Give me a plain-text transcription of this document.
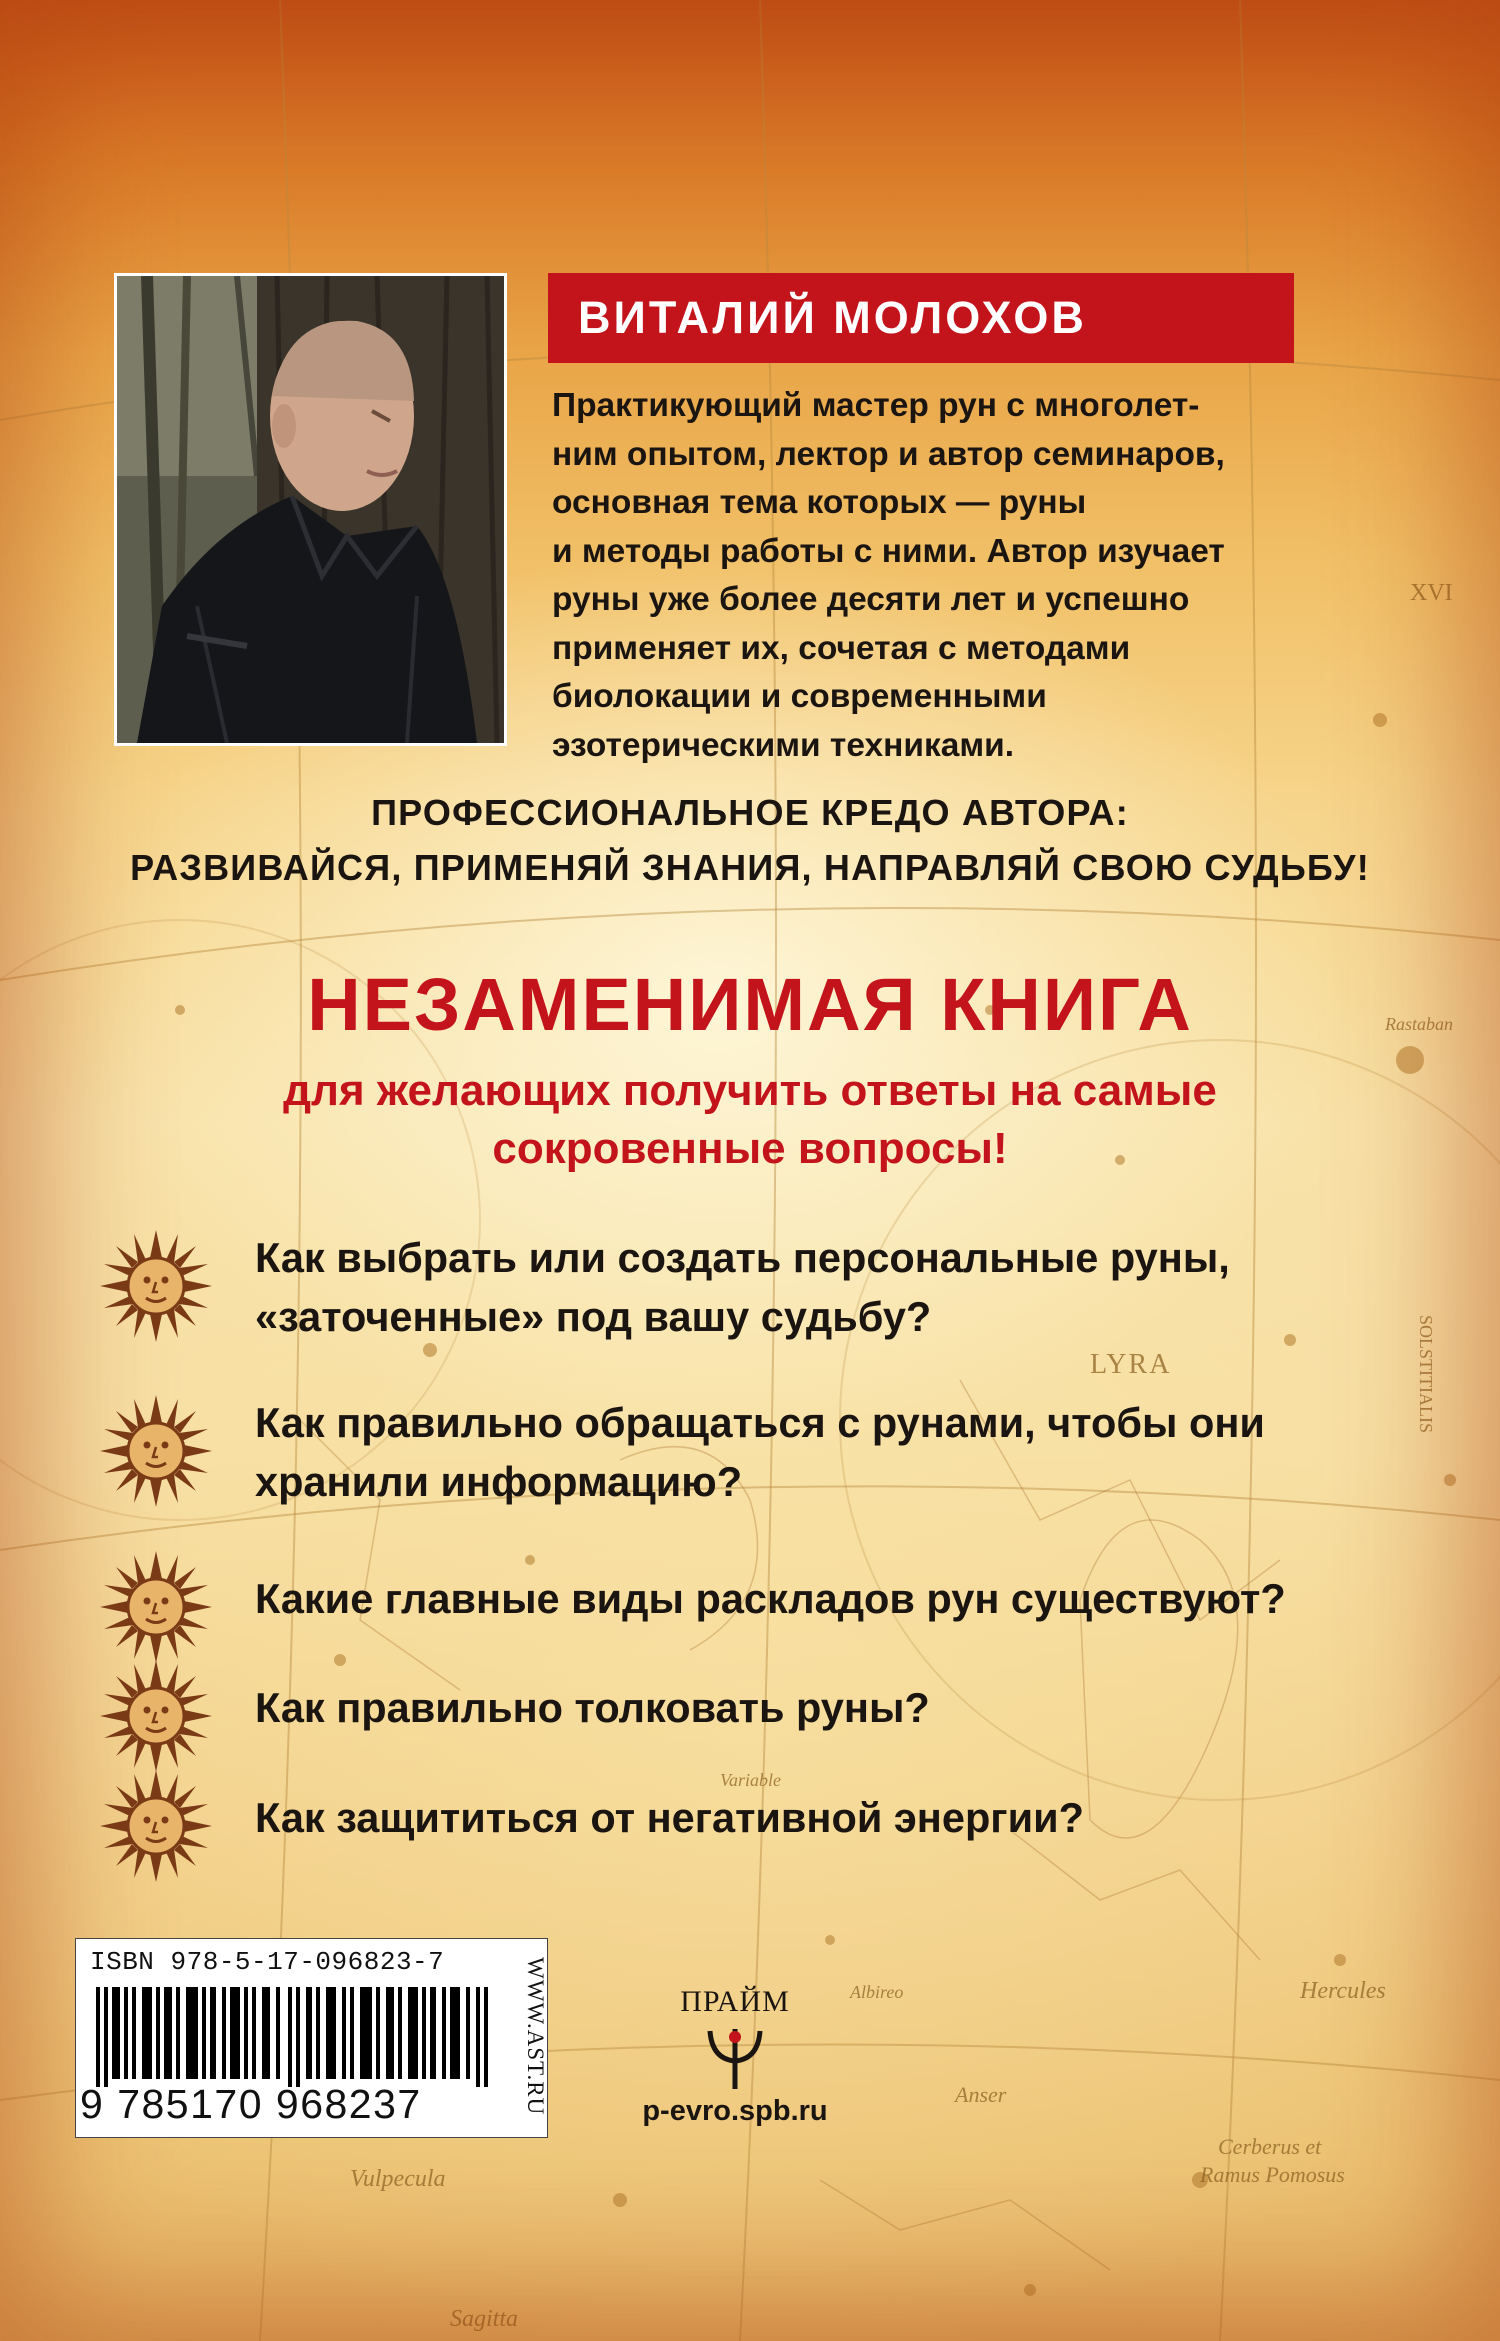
LYRA
Hercules
Vulpecula
Sagitta
Anser
Cerberus et
Ramus Pomosus
Rastaban
Variable
Albireo
XVI
SOLSTITIALIS
ВИТАЛИЙ МОЛОХОВ
Практикующий мастер рун с многолет-
ним опытом, лектор и автор семинаров,
основная тема которых — руны
и методы работы с ними. Автор изучает
руны уже более десяти лет и успешно
применяет их, сочетая с методами
биолокации и современными
эзотерическими техниками.
ПРОФЕССИОНАЛЬНОЕ КРЕДО АВТОРА:
РАЗВИВАЙСЯ, ПРИМЕНЯЙ ЗНАНИЯ, НАПРАВЛЯЙ СВОЮ СУДЬБУ!
НЕЗАМЕНИМАЯ КНИГА
для желающих получить ответы на самые
сокровенные вопросы!
Как выбрать или создать персональные руны,
«заточенные» под вашу судьбу?
Как правильно обращаться с рунами, чтобы они
хранили информацию?
Какие главные виды раскладов рун существуют?
Как правильно толковать руны?
Как защититься от негативной энергии?
ISBN 978-5-17-096823-7
9 785170 968237	WWW.AST.RU	ПРАЙМ
p-evro.spb.ru
